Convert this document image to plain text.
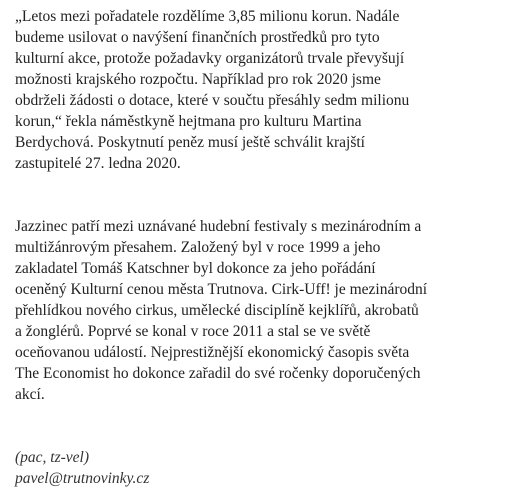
„Letos mezi pořadatele rozdělíme 3,85 milionu korun. Nadále
budeme usilovat o navýšení finančních prostředků pro tyto
kulturní akce, protože požadavky organizátorů trvale převyšují
možnosti krajského rozpočtu. Například pro rok 2020 jsme
obdrželi žádosti o dotace, které v součtu přesáhly sedm milionu
korun,“ řekla náměstkyně hejtmana pro kulturu Martina
Berdychová. Poskytnutí peněz musí ještě schválit krajští
zastupitelé 27. ledna 2020.

Jazzinec patří mezi uznávané hudební festivaly s mezinárodním a
multižánrovým přesahem. Založený byl v roce 1999 a jeho
zakladatel Tomáš Katschner byl dokonce za jeho pořádání
oceněný Kulturní cenou města Trutnova. Cirk-Uff! je mezinárodní
přehlídkou nového cirkus, umělecké disciplíně kejklířů, akrobatů
a žonglérů. Poprvé se konal v roce 2011 a stal se ve světě
oceňovanou událostí. Nejprestižnější ekonomický časopis světa
The Economist ho dokonce zařadil do své ročenky doporučených
akcí.

(pac, tz-vel)
pavel@trutnovinky.cz
